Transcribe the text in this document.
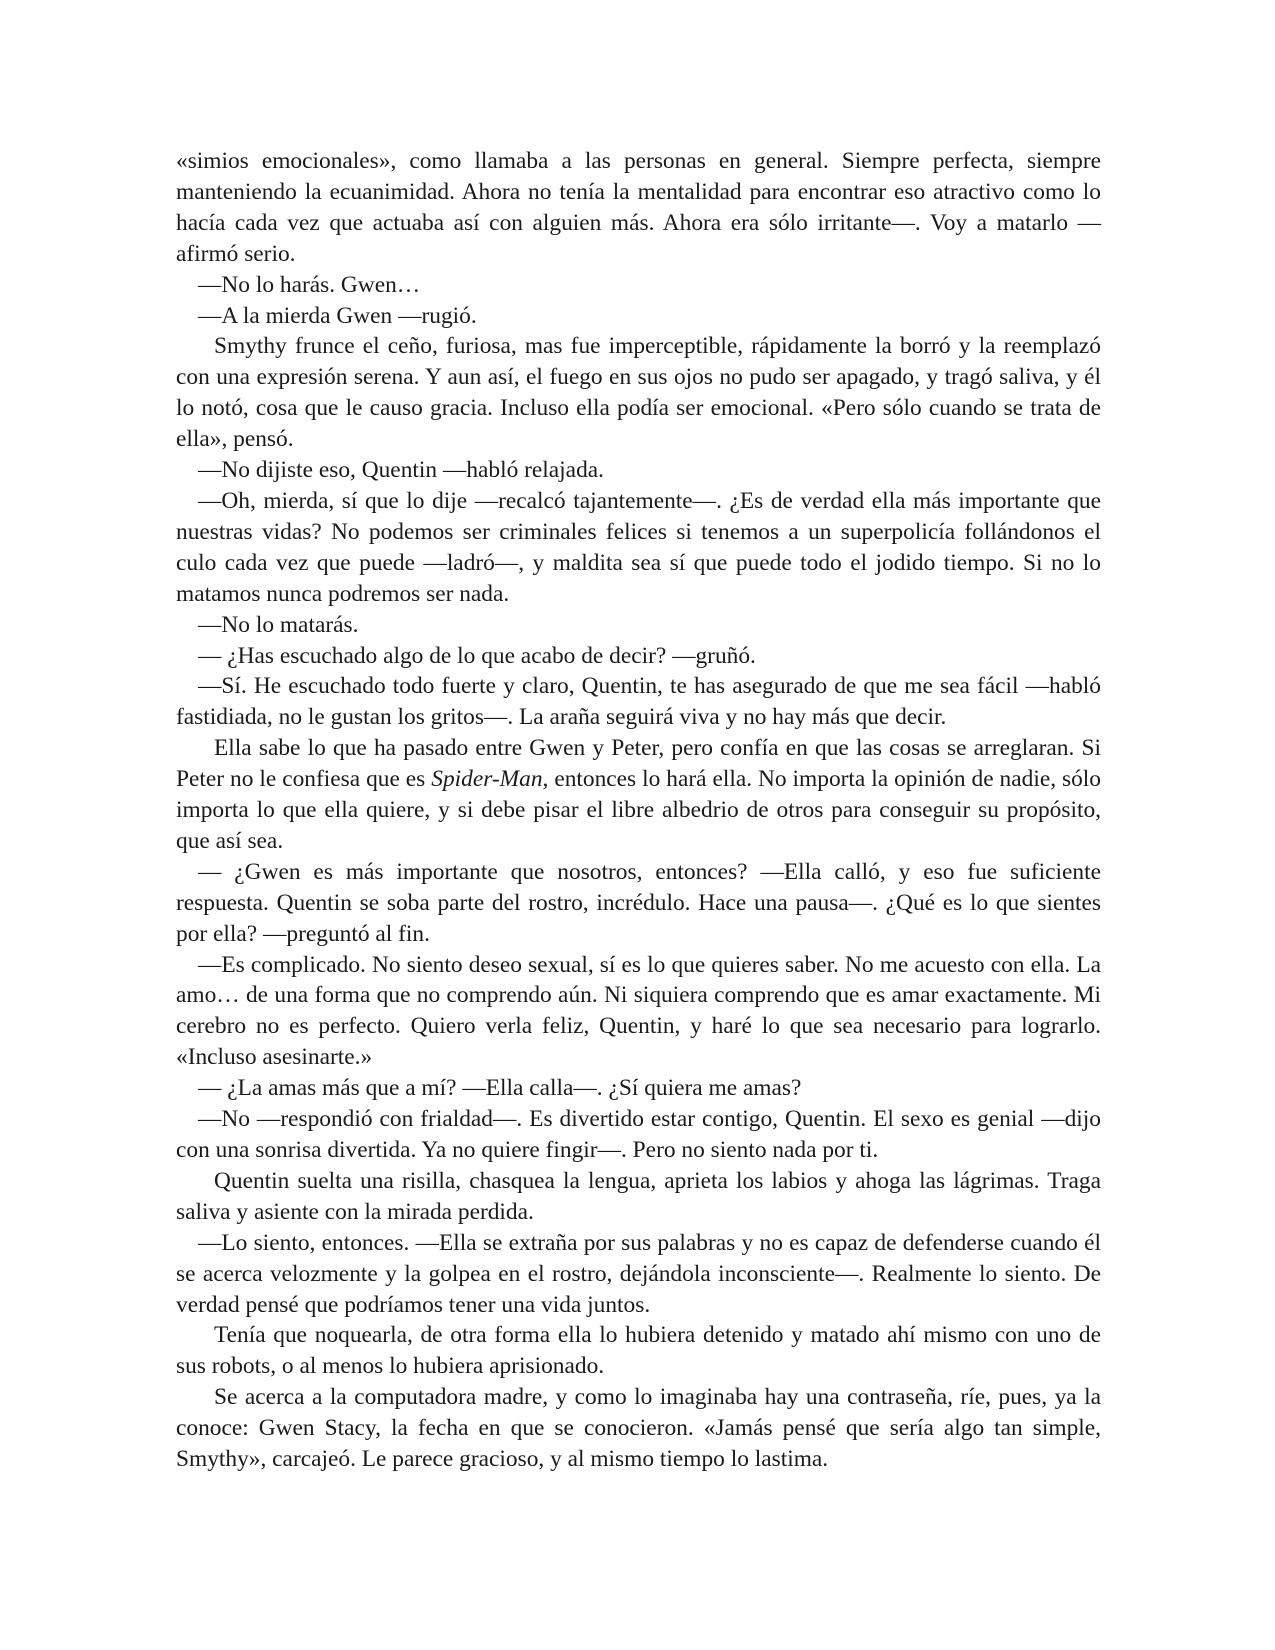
«simios emocionales», como llamaba a las personas en general. Siempre perfecta, siempre manteniendo la ecuanimidad. Ahora no tenía la mentalidad para encontrar eso atractivo como lo hacía cada vez que actuaba así con alguien más. Ahora era sólo irritante—. Voy a matarlo —afirmó serio.

—No lo harás. Gwen…

—A la mierda Gwen —rugió.

Smythy frunce el ceño, furiosa, mas fue imperceptible, rápidamente la borró y la reemplazó con una expresión serena. Y aun así, el fuego en sus ojos no pudo ser apagado, y tragó saliva, y él lo notó, cosa que le causo gracia. Incluso ella podía ser emocional. «Pero sólo cuando se trata de ella», pensó.

—No dijiste eso, Quentin —habló relajada.

—Oh, mierda, sí que lo dije —recalcó tajantemente—. ¿Es de verdad ella más importante que nuestras vidas? No podemos ser criminales felices si tenemos a un superpolicía follándonos el culo cada vez que puede —ladró—, y maldita sea sí que puede todo el jodido tiempo. Si no lo matamos nunca podremos ser nada.

—No lo matarás.

— ¿Has escuchado algo de lo que acabo de decir? —gruñó.

—Sí. He escuchado todo fuerte y claro, Quentin, te has asegurado de que me sea fácil —habló fastidiada, no le gustan los gritos—. La araña seguirá viva y no hay más que decir.

Ella sabe lo que ha pasado entre Gwen y Peter, pero confía en que las cosas se arreglaran. Si Peter no le confiesa que es Spider-Man, entonces lo hará ella. No importa la opinión de nadie, sólo importa lo que ella quiere, y si debe pisar el libre albedrio de otros para conseguir su propósito, que así sea.

— ¿Gwen es más importante que nosotros, entonces? —Ella calló, y eso fue suficiente respuesta. Quentin se soba parte del rostro, incrédulo. Hace una pausa—. ¿Qué es lo que sientes por ella? —preguntó al fin.

—Es complicado. No siento deseo sexual, sí es lo que quieres saber. No me acuesto con ella. La amo… de una forma que no comprendo aún. Ni siquiera comprendo que es amar exactamente. Mi cerebro no es perfecto. Quiero verla feliz, Quentin, y haré lo que sea necesario para lograrlo. «Incluso asesinarte.»

— ¿La amas más que a mí? —Ella calla—. ¿Sí quiera me amas?

—No —respondió con frialdad—. Es divertido estar contigo, Quentin. El sexo es genial —dijo con una sonrisa divertida. Ya no quiere fingir—. Pero no siento nada por ti.

Quentin suelta una risilla, chasquea la lengua, aprieta los labios y ahoga las lágrimas. Traga saliva y asiente con la mirada perdida.

—Lo siento, entonces. —Ella se extraña por sus palabras y no es capaz de defenderse cuando él se acerca velozmente y la golpea en el rostro, dejándola inconsciente—. Realmente lo siento. De verdad pensé que podríamos tener una vida juntos.

Tenía que noquearla, de otra forma ella lo hubiera detenido y matado ahí mismo con uno de sus robots, o al menos lo hubiera aprisionado.

Se acerca a la computadora madre, y como lo imaginaba hay una contraseña, ríe, pues, ya la conoce: Gwen Stacy, la fecha en que se conocieron. «Jamás pensé que sería algo tan simple, Smythy», carcajeó. Le parece gracioso, y al mismo tiempo lo lastima.
